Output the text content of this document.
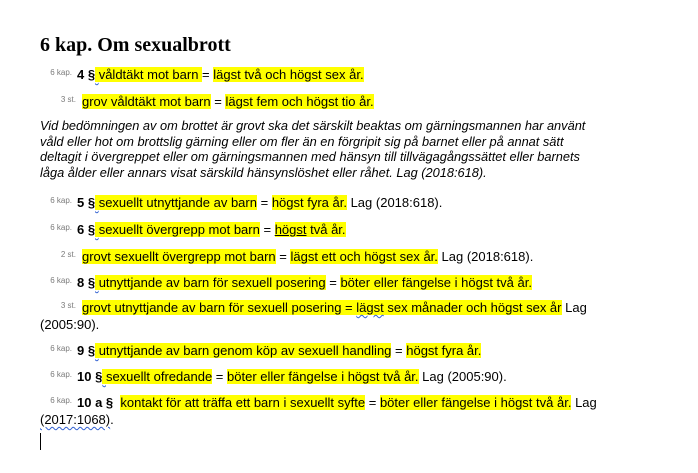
6 kap. Om sexualbrott
6 kap. 4 § våldtäkt mot barn = lägst två och högst sex år.
3 st. grov våldtäkt mot barn = lägst fem och högst tio år.
Vid bedömningen av om brottet är grovt ska det särskilt beaktas om gärningsmannen har använt
våld eller hot om brottslig gärning eller om fler än en förgripit sig på barnet eller på annat sätt
deltagit i övergreppet eller om gärningsmannen med hänsyn till tillvägagångssättet eller barnets
låga ålder eller annars visat särskild hänsynslöshet eller råhet. Lag (2018:618).
6 kap. 5 § sexuellt utnyttjande av barn = högst fyra år. Lag (2018:618).
6 kap. 6 § sexuellt övergrepp mot barn = högst två år.
2 st. grovt sexuellt övergrepp mot barn = lägst ett och högst sex år. Lag (2018:618).
6 kap. 8 § utnyttjande av barn för sexuell posering = böter eller fängelse i högst två år.
3 st. grovt utnyttjande av barn för sexuell posering = lägst sex månader och högst sex år Lag
(2005:90).
6 kap. 9 § utnyttjande av barn genom köp av sexuell handling = högst fyra år.
6 kap. 10 § sexuellt ofredande = böter eller fängelse i högst två år. Lag (2005:90).
6 kap. 10 a § kontakt för att träffa ett barn i sexuellt syfte = böter eller fängelse i högst två år. Lag
(2017:1068).
